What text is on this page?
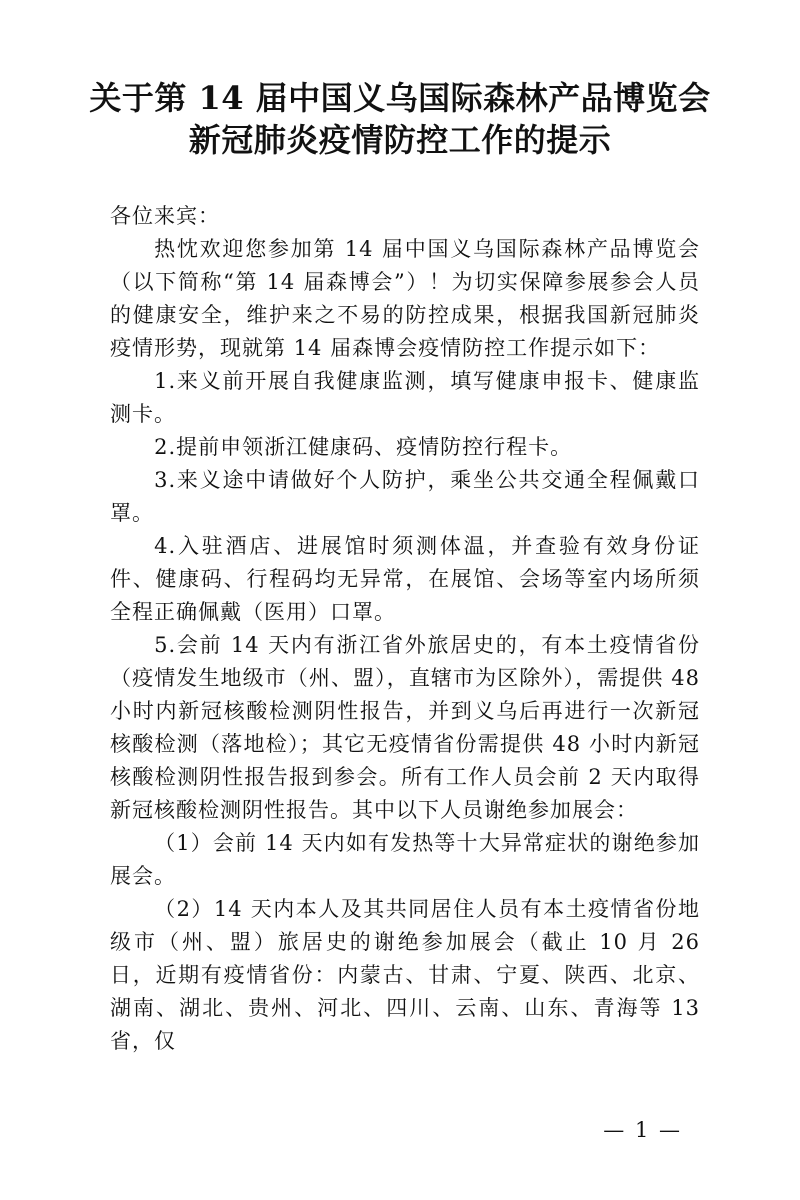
关于第 14 届中国义乌国际森林产品博览会
新冠肺炎疫情防控工作的提示

各位来宾：

热忱欢迎您参加第 14 届中国义乌国际森林产品博览会（以下简称“第 14 届森博会”）！为切实保障参展参会人员的健康安全，维护来之不易的防控成果，根据我国新冠肺炎疫情形势，现就第 14 届森博会疫情防控工作提示如下：

1.来义前开展自我健康监测，填写健康申报卡、健康监测卡。

2.提前申领浙江健康码、疫情防控行程卡。

3.来义途中请做好个人防护，乘坐公共交通全程佩戴口罩。

4.入驻酒店、进展馆时须测体温，并查验有效身份证件、健康码、行程码均无异常，在展馆、会场等室内场所须全程正确佩戴（医用）口罩。

5.会前 14 天内有浙江省外旅居史的，有本土疫情省份（疫情发生地级市（州、盟），直辖市为区除外），需提供 48 小时内新冠核酸检测阴性报告，并到义乌后再进行一次新冠核酸检测（落地检）；其它无疫情省份需提供 48 小时内新冠核酸检测阴性报告报到参会。所有工作人员会前 2 天内取得新冠核酸检测阴性报告。其中以下人员谢绝参加展会：

（1）会前 14 天内如有发热等十大异常症状的谢绝参加展会。

（2）14 天内本人及其共同居住人员有本土疫情省份地级市（州、盟）旅居史的谢绝参加展会（截止 10 月 26 日，近期有疫情省份：内蒙古、甘肃、宁夏、陕西、北京、湖南、湖北、贵州、河北、四川、云南、山东、青海等 13 省，仅

— 1 —
